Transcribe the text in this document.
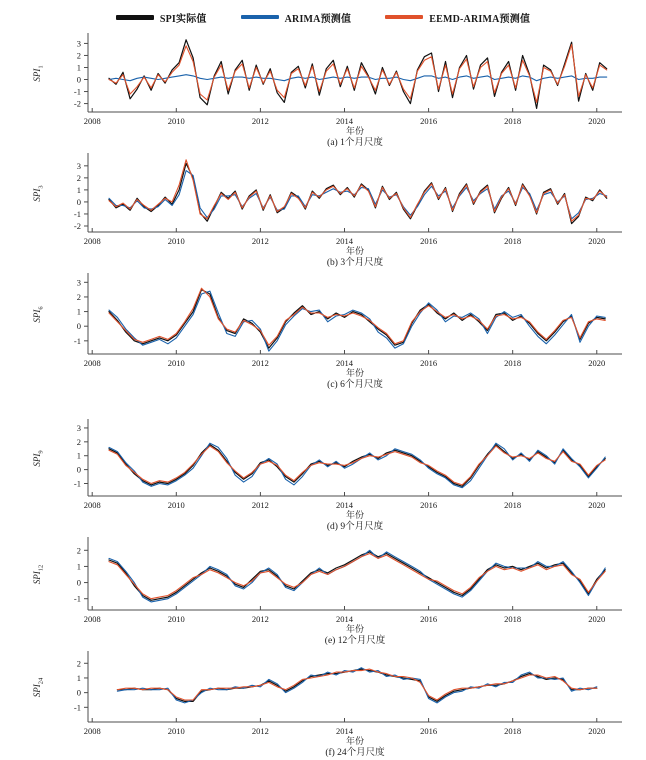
SPI实际值	ARIMA预测值	EEMD-ARIMA预测值
3
2
1
0
-1
-2
2008	2010	2012	2014	2016	2018	2020
$SPI_1$
年份
(a) 1个月尺度
3
2
1
0
-1
-2
2008	2010	2012	2014	2016	2018	2020
$SPI_3$
年份
(b) 3个月尺度
3
2
1
0
-1
2008	2010	2012	2014	2016	2018	2020
$SPI_6$
年份
(c) 6个月尺度
3
2
1
0
-1
2008	2010	2012	2014	2016	2018	2020
$SPI_9$
年份
(d) 9个月尺度
2
1
0
-1
2008	2010	2012	2014	2016	2018	2020
$SPI_{12}$
年份
(e) 12个月尺度
2
1
0
-1
2008	2010	2012	2014	2016	2018	2020
$SPI_{24}$
年份
(f) 24个月尺度
